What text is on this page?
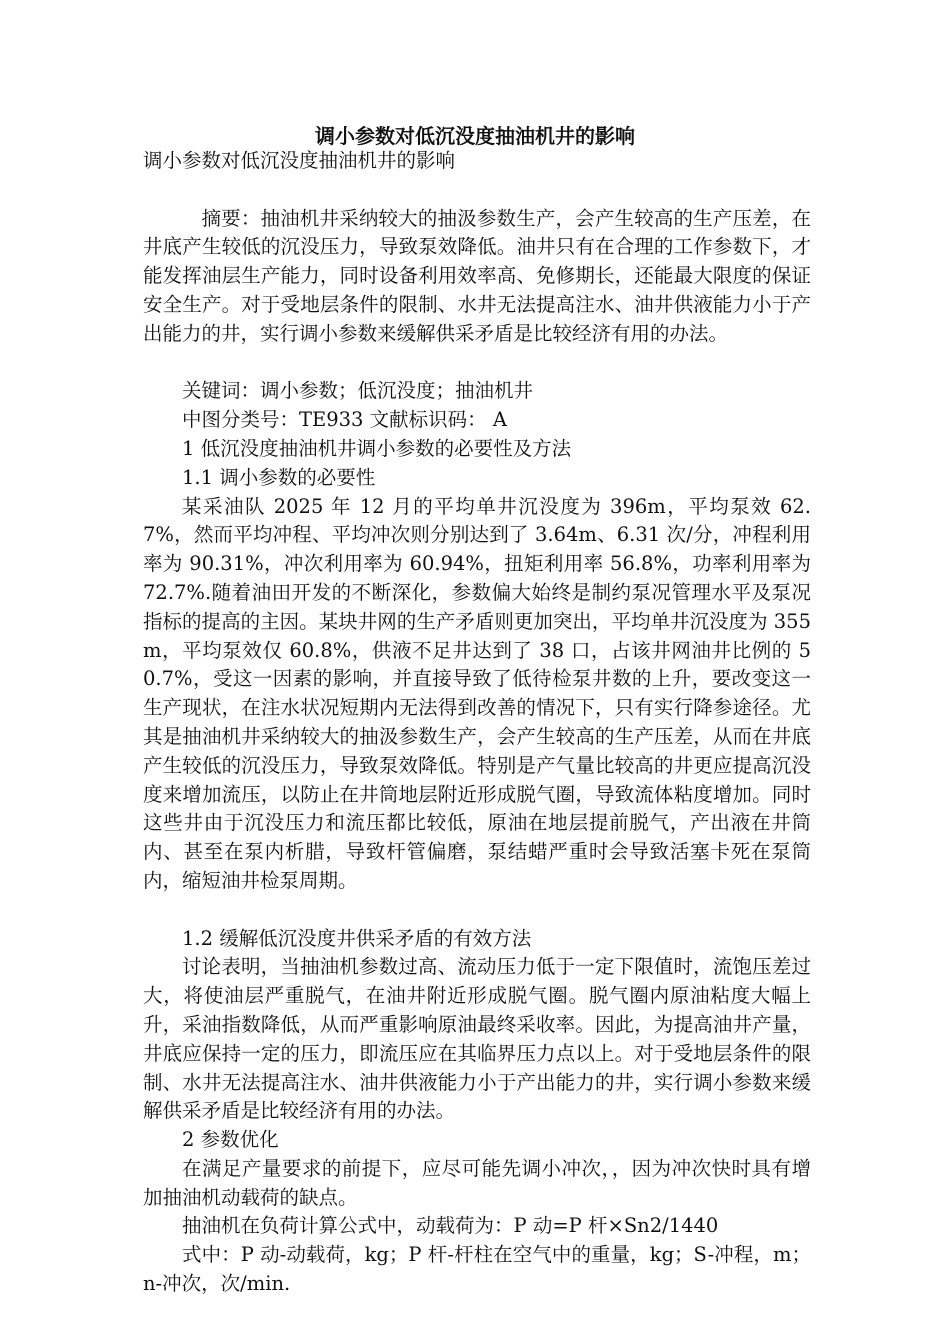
调小参数对低沉没度抽油机井的影响

调小参数对低沉没度抽油机井的影响

摘要：抽油机井采纳较大的抽汲参数生产，会产生较高的生产压差，在井底产生较低的沉没压力，导致泵效降低。油井只有在合理的工作参数下，才能发挥油层生产能力，同时设备利用效率高、免修期长，还能最大限度的保证安全生产。对于受地层条件的限制、水井无法提高注水、油井供液能力小于产出能力的井，实行调小参数来缓解供采矛盾是比较经济有用的办法。

关键词：调小参数；低沉没度；抽油机井

中图分类号：TE933 文献标识码： A

1 低沉没度抽油机井调小参数的必要性及方法

1.1 调小参数的必要性

某采油队 2025 年 12 月的平均单井沉没度为 396m，平均泵效 62.7%，然而平均冲程、平均冲次则分别达到了 3.64m、6.31 次/分，冲程利用率为 90.31%，冲次利用率为 60.94%，扭矩利用率 56.8%，功率利用率为 72.7%.随着油田开发的不断深化，参数偏大始终是制约泵况管理水平及泵况指标的提高的主因。某块井网的生产矛盾则更加突出，平均单井沉没度为 355m，平均泵效仅 60.8%，供液不足井达到了 38 口，占该井网油井比例的 50.7%，受这一因素的影响，并直接导致了低待检泵井数的上升，要改变这一生产现状，在注水状况短期内无法得到改善的情况下，只有实行降参途径。尤其是抽油机井采纳较大的抽汲参数生产，会产生较高的生产压差，从而在井底产生较低的沉没压力，导致泵效降低。特别是产气量比较高的井更应提高沉没度来增加流压，以防止在井筒地层附近形成脱气圈，导致流体粘度增加。同时这些井由于沉没压力和流压都比较低，原油在地层提前脱气，产出液在井筒内、甚至在泵内析腊，导致杆管偏磨，泵结蜡严重时会导致活塞卡死在泵筒内，缩短油井检泵周期。

1.2 缓解低沉没度井供采矛盾的有效方法

讨论表明，当抽油机参数过高、流动压力低于一定下限值时，流饱压差过大，将使油层严重脱气，在油井附近形成脱气圈。脱气圈内原油粘度大幅上升，采油指数降低，从而严重影响原油最终采收率。因此，为提高油井产量，井底应保持一定的压力，即流压应在其临界压力点以上。对于受地层条件的限制、水井无法提高注水、油井供液能力小于产出能力的井，实行调小参数来缓解供采矛盾是比较经济有用的办法。

2 参数优化

在满足产量要求的前提下，应尽可能先调小冲次，，因为冲次快时具有增加抽油机动载荷的缺点。

抽油机在负荷计算公式中，动载荷为：P 动=P 杆×Sn2/1440

式中：P 动-动载荷，kg；P 杆-杆柱在空气中的重量，kg；S-冲程，m；n-冲次，次/min.
